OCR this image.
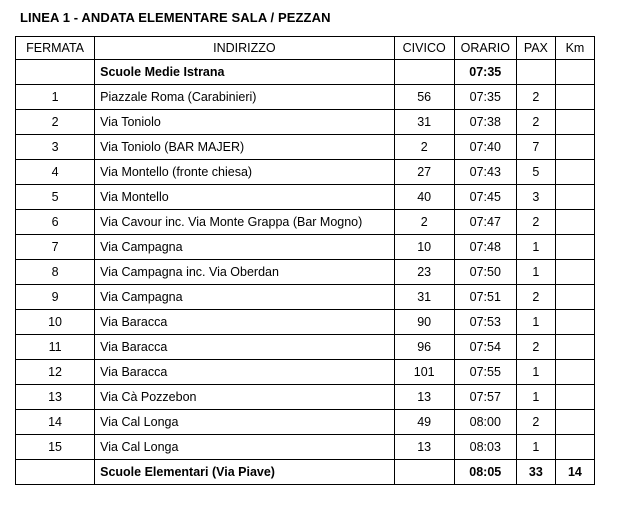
LINEA 1 - ANDATA ELEMENTARE SALA / PEZZAN
FERMATA	INDIRIZZO	CIVICO	ORARIO	PAX	Km
	Scuole Medie Istrana		07:35		
1	Piazzale Roma (Carabinieri)	56	07:35	2	
2	Via Toniolo	31	07:38	2	
3	Via Toniolo (BAR MAJER)	2	07:40	7	
4	Via Montello (fronte chiesa)	27	07:43	5	
5	Via Montello	40	07:45	3	
6	Via Cavour inc. Via Monte Grappa (Bar Mogno)	2	07:47	2	
7	Via Campagna	10	07:48	1	
8	Via Campagna inc. Via Oberdan	23	07:50	1	
9	Via Campagna	31	07:51	2	
10	Via Baracca	90	07:53	1	
11	Via Baracca	96	07:54	2	
12	Via Baracca	101	07:55	1	
13	Via Cà Pozzebon	13	07:57	1	
14	Via Cal Longa	49	08:00	2	
15	Via Cal Longa	13	08:03	1	
	Scuole Elementari (Via Piave)		08:05	33	14
